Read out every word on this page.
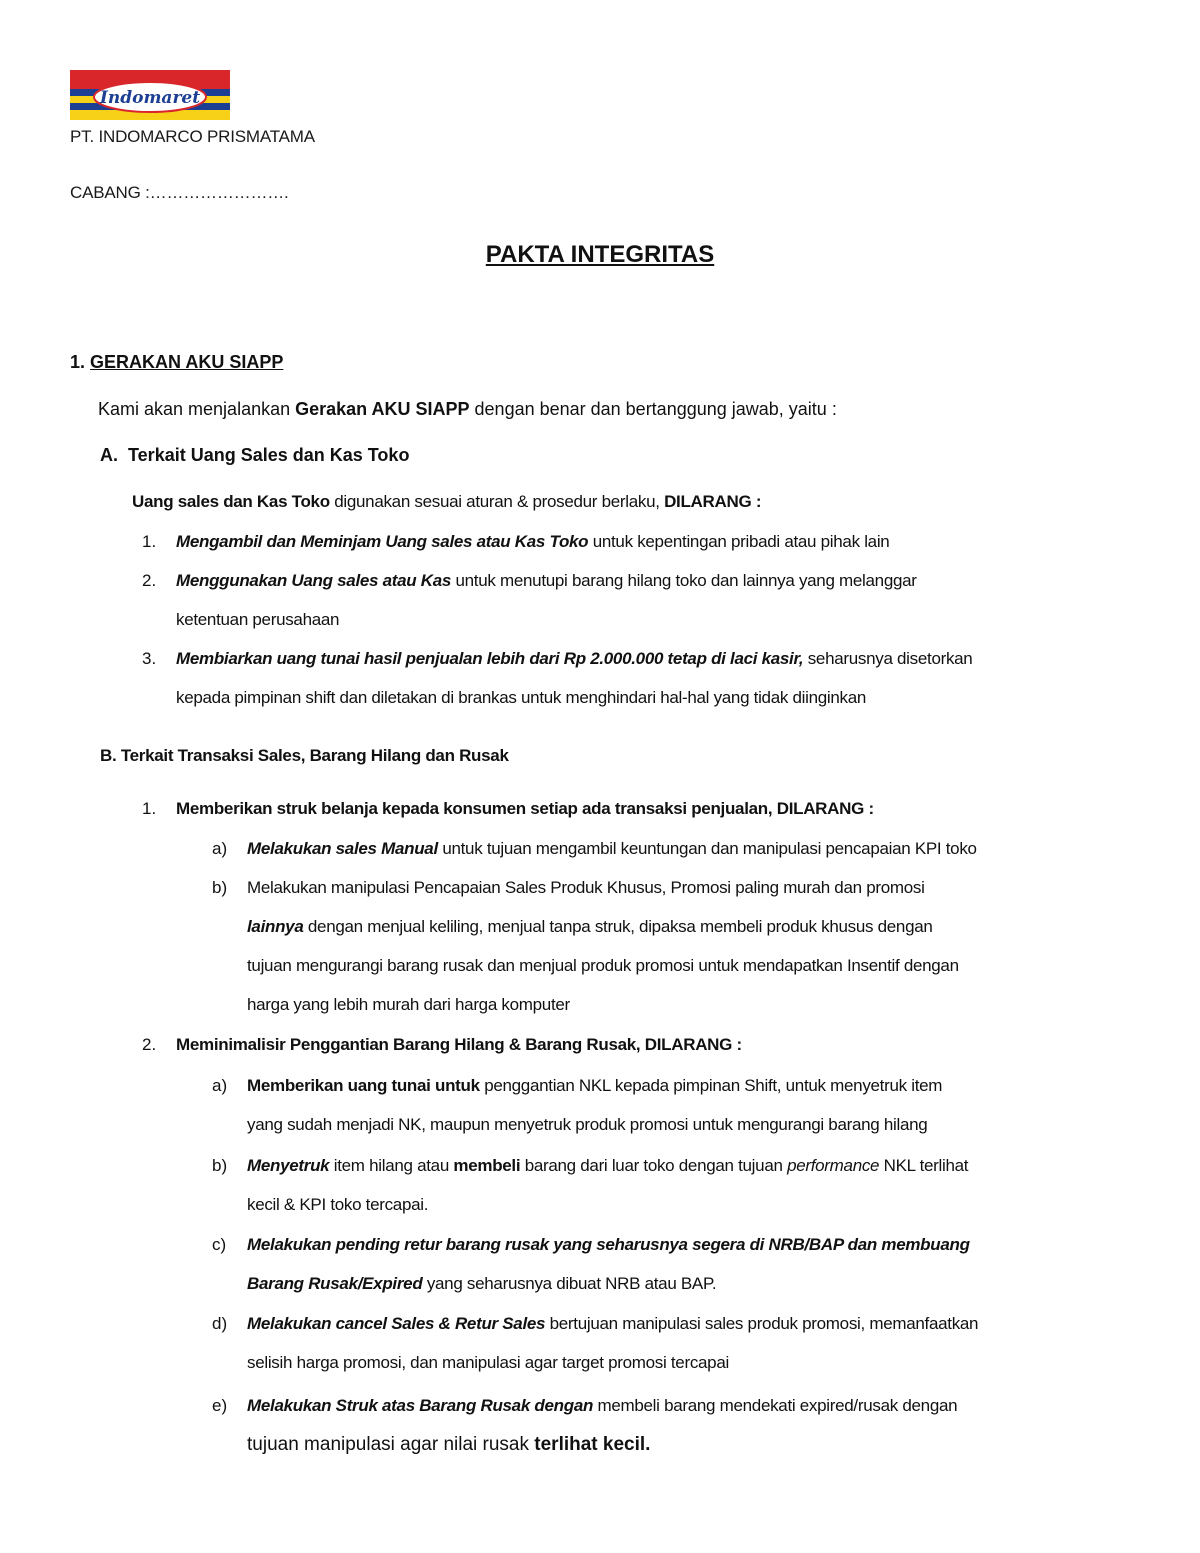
Indomaret
PT. INDOMARCO PRISMATAMA
CABANG :…………………….
PAKTA INTEGRITAS
1. GERAKAN AKU SIAPP
Kami akan menjalankan Gerakan AKU SIAPP dengan benar dan bertanggung jawab, yaitu :
A. Terkait Uang Sales dan Kas Toko
Uang sales dan Kas Toko digunakan sesuai aturan & prosedur berlaku, DILARANG :
1. Mengambil dan Meminjam Uang sales atau Kas Toko untuk kepentingan pribadi atau pihak lain
2. Menggunakan Uang sales atau Kas untuk menutupi barang hilang toko dan lainnya yang melanggar
ketentuan perusahaan
3. Membiarkan uang tunai hasil penjualan lebih dari Rp 2.000.000 tetap di laci kasir, seharusnya disetorkan
kepada pimpinan shift dan diletakan di brankas untuk menghindari hal-hal yang tidak diinginkan
B. Terkait Transaksi Sales, Barang Hilang dan Rusak
1. Memberikan struk belanja kepada konsumen setiap ada transaksi penjualan, DILARANG :
a) Melakukan sales Manual untuk tujuan mengambil keuntungan dan manipulasi pencapaian KPI toko
b) Melakukan manipulasi Pencapaian Sales Produk Khusus, Promosi paling murah dan promosi
lainnya dengan menjual keliling, menjual tanpa struk, dipaksa membeli produk khusus dengan
tujuan mengurangi barang rusak dan menjual produk promosi untuk mendapatkan Insentif dengan
harga yang lebih murah dari harga komputer
2. Meminimalisir Penggantian Barang Hilang & Barang Rusak, DILARANG :
a) Memberikan uang tunai untuk penggantian NKL kepada pimpinan Shift, untuk menyetruk item
yang sudah menjadi NK, maupun menyetruk produk promosi untuk mengurangi barang hilang
b) Menyetruk item hilang atau membeli barang dari luar toko dengan tujuan performance NKL terlihat
kecil & KPI toko tercapai.
c) Melakukan pending retur barang rusak yang seharusnya segera di NRB/BAP dan membuang
Barang Rusak/Expired yang seharusnya dibuat NRB atau BAP.
d) Melakukan cancel Sales & Retur Sales bertujuan manipulasi sales produk promosi, memanfaatkan
selisih harga promosi, dan manipulasi agar target promosi tercapai
e) Melakukan Struk atas Barang Rusak dengan membeli barang mendekati expired/rusak dengan
tujuan manipulasi agar nilai rusak terlihat kecil.
